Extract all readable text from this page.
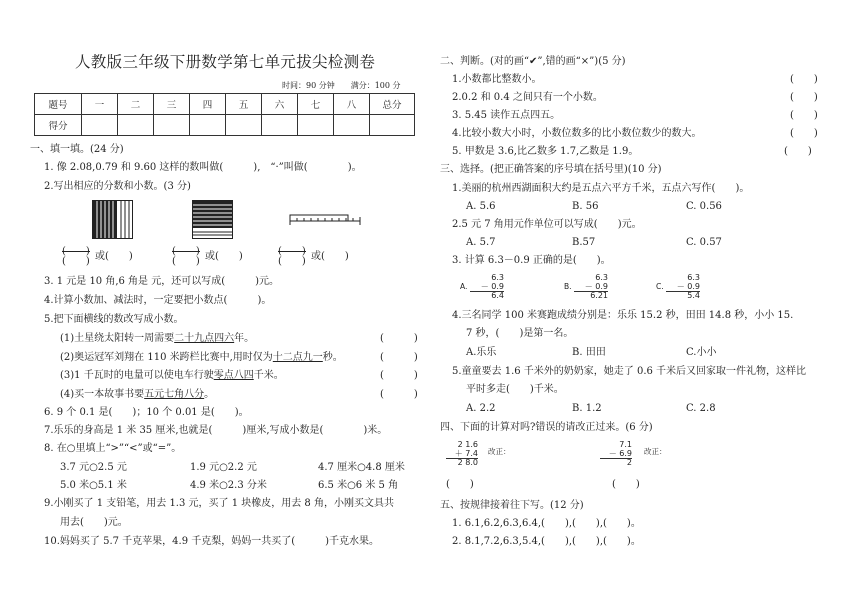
人教版三年级下册数学第七单元拔尖检测卷
时间：90 分钟　　满分：100 分
题号	一	二	三	四	五	六	七	八	总分
得分									
一、填一填。(24 分)
1. 像 2.08,0.79 和 9.60 这样的数叫做(　　　),　“·”叫做(　　　　)。
2.写出相应的分数和小数。(3 分)
(　　)
(　　) 或(　　)	(　　)
(　　) 或(　　)	(　　)
(　　) 或(　　)
3. 1 元是 10 角,6 角是 元，还可以写成(　　　)元。
4.计算小数加、减法时，一定要把小数点(　　　)。
5.把下面横线的数改写成小数。
(1)土星绕太阳转一周需要二十九点四六年。	(　　　)
(2)奥运冠军刘翔在 110 米跨栏比赛中,用时仅为十二点九一秒。	(　　　)
(3)1 千瓦时的电量可以使电车行驶零点八四千米。	(　　　)
(4)买一本故事书要五元七角八分。	(　　　)
6. 9 个 0.1 是(　　)；10 个 0.01 是(　　)。
7.乐乐的身高是 1 米 35 厘米,也就是(　　　)厘米,写成小数是(　　　　)米。
8. 在○里填上“>”“<”或“=”。
3.7 元○2.5 元	1.9 元○2.2 元	4.7 厘米○4.8 厘米
5.0 米○5.1 米	4.9 米○2.3 分米	6.5 米○6 米 5 角
9.小刚买了 1 支铅笔，用去 1.3 元，买了 1 块橡皮，用去 8 角，小刚买文具共
用去(　　)元。
10.妈妈买了 5.7 千克苹果，4.9 千克梨，妈妈一共买了(　　　)千克水果。
二、判断。(对的画“✔”,错的画“×”)(5 分)
1.小数都比整数小。	(　　)
2.0.2 和 0.4 之间只有一个小数。	(　　)
3. 5.45 读作五点四五。	(　　)
4.比较小数大小时，小数位数多的比小数位数少的数大。	(　　)
5. 甲数是 3.6,比乙数多 1.7,乙数是 1.9。	(　　)
三、选择。(把正确答案的序号填在括号里)(10 分)
1.美丽的杭州西湖面积大约是五点六平方千米，五点六写作(　　)。
A. 5.6	B. 56	C. 0.56
2.5 元 7 角用元作单位可以写成(　　)元。
A. 5.7	B.57	C. 0.57
3. 计算 6.3－0.9 正确的是(　　)。
A.
6.3
－ 0.9
6.4
B.
6.3
－ 0.9
6.21
C.
6.3
－ 0.9
5.4
4.三名同学 100 米赛跑成绩分别是：乐乐 15.2 秒，田田 14.8 秒，小小 15.
7 秒，(　　)是第一名。
A.乐乐	B. 田田	C.小小
5.童童要去 1.6 千米外的奶奶家，她走了 0.6 千米后又回家取一件礼物，这样比
平时多走(　　)千米。
A. 2.2	B. 1.2	C. 2.8
四、下面的计算对吗?错误的请改正过来。(6 分)
2 1.6
＋ 7.4
2 8.0
改正：
(　　)
7.1
－ 6.9
2
改正：
(　　)
五、按规律接着往下写。(12 分)
1. 6.1,6.2,6.3,6.4,(　　),(　　),(　　)。
2. 8.1,7.2,6.3,5.4,(　　),(　　),(　　)。
